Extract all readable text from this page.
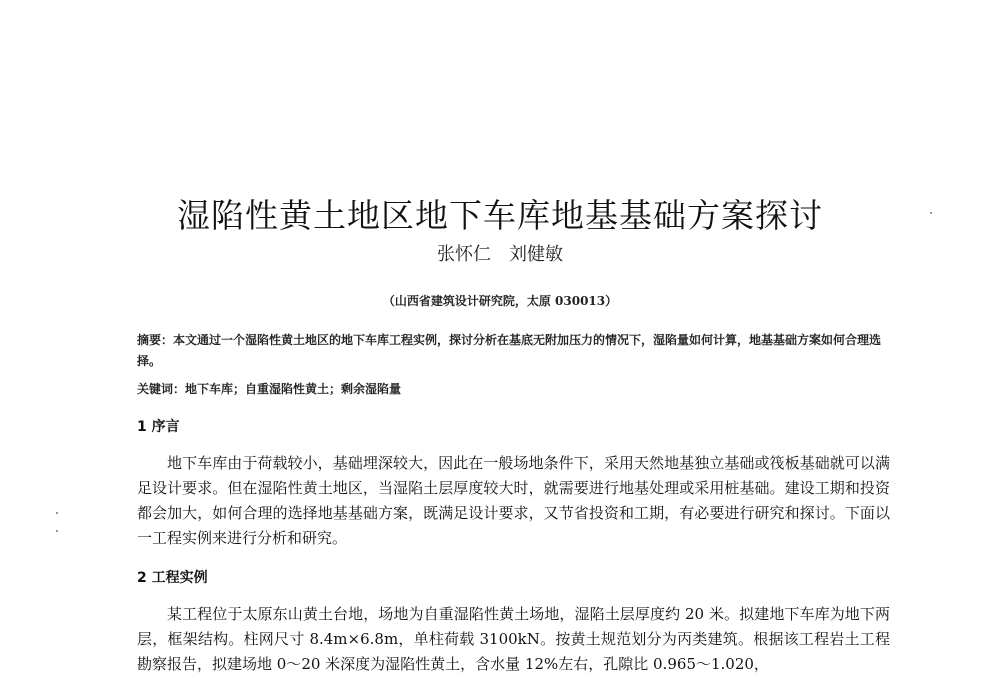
湿陷性黄土地区地下车库地基基础方案探讨
张怀仁　刘健敏
（山西省建筑设计研究院，太原 030013）
摘要：本文通过一个湿陷性黄土地区的地下车库工程实例，探讨分析在基底无附加压力的情况下，湿陷量如何计算，地基基础方案如何合理选择。
关键词：地下车库；自重湿陷性黄土；剩余湿陷量
1 序言
地下车库由于荷载较小，基础埋深较大，因此在一般场地条件下，采用天然地基独立基础或筏板基础就可以满足设计要求。但在湿陷性黄土地区，当湿陷土层厚度较大时，就需要进行地基处理或采用桩基础。建设工期和投资都会加大，如何合理的选择地基基础方案，既满足设计要求，又节省投资和工期，有必要进行研究和探讨。下面以一工程实例来进行分析和研究。
2 工程实例
某工程位于太原东山黄土台地，场地为自重湿陷性黄土场地，湿陷土层厚度约 20 米。拟建地下车库为地下两层，框架结构。柱网尺寸 8.4m×6.8m，单柱荷载 3100kN。按黄土规范划分为丙类建筑。根据该工程岩土工程勘察报告，拟建场地 0～20 米深度为湿陷性黄土，含水量 12%左右，孔隙比 0.965～1.020，
